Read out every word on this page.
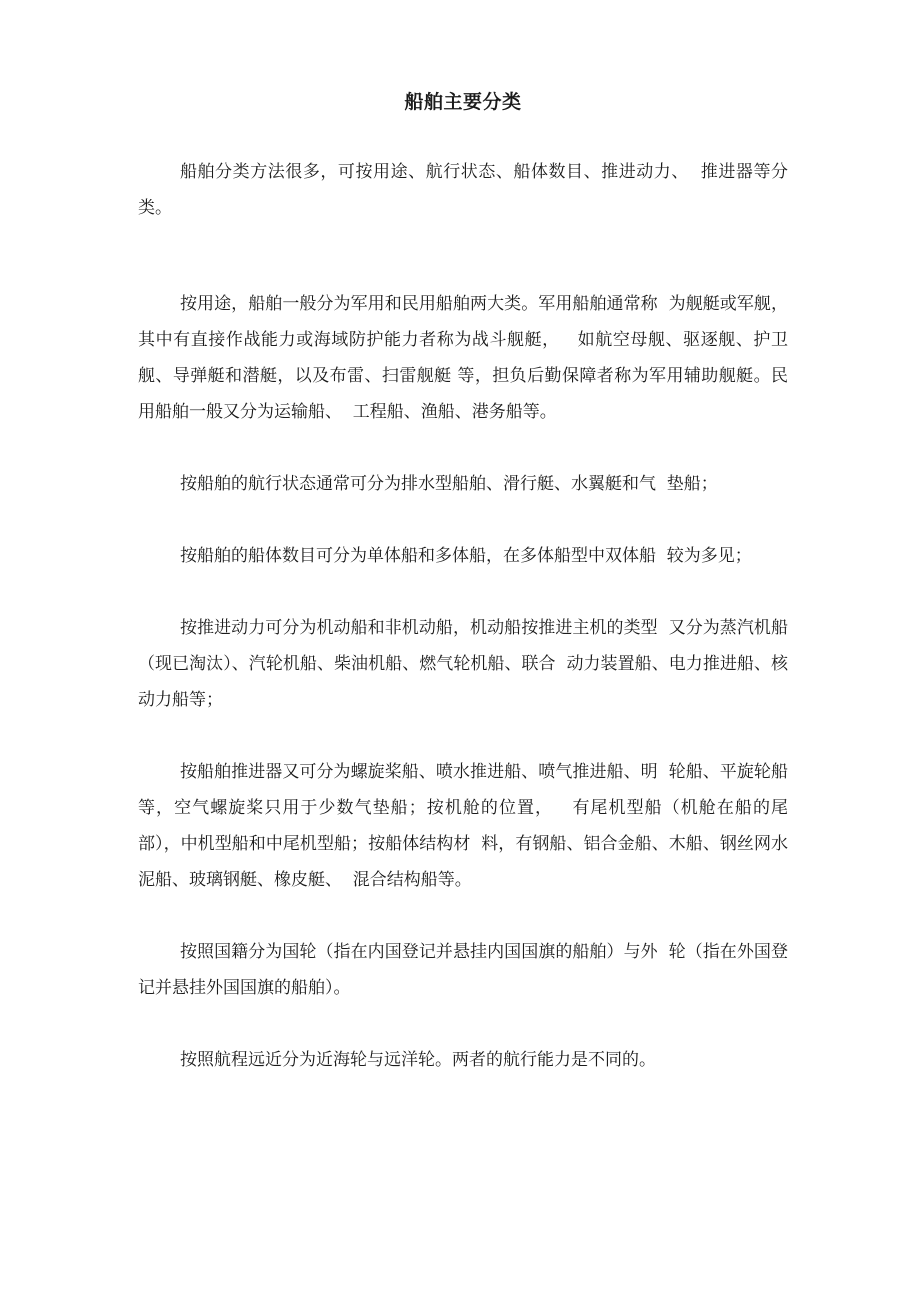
船舶主要分类

船舶分类方法很多，可按用途、航行状态、船体数目、推进动力、  推进器等分类。

按用途，船舶一般分为军用和民用船舶两大类。军用船舶通常称  为舰艇或军舰，其中有直接作战能力或海域防护能力者称为战斗舰艇，   如航空母舰、驱逐舰、护卫舰、导弹艇和潜艇，以及布雷、扫雷舰艇 等，担负后勤保障者称为军用辅助舰艇。民用船舶一般又分为运输船、  工程船、渔船、港务船等。

按船舶的航行状态通常可分为排水型船舶、滑行艇、水翼艇和气  垫船；

按船舶的船体数目可分为单体船和多体船，在多体船型中双体船  较为多见；

按推进动力可分为机动船和非机动船，机动船按推进主机的类型  又分为蒸汽机船（现已淘汰）、汽轮机船、柴油机船、燃气轮机船、联合  动力装置船、电力推进船、核动力船等；

按船舶推进器又可分为螺旋桨船、喷水推进船、喷气推进船、明  轮船、平旋轮船等，空气螺旋桨只用于少数气垫船；按机舱的位置，   有尾机型船（机舱在船的尾部），中机型船和中尾机型船；按船体结构材  料，有钢船、铝合金船、木船、钢丝网水泥船、玻璃钢艇、橡皮艇、  混合结构船等。

按照国籍分为国轮（指在内国登记并悬挂内国国旗的船舶）与外  轮（指在外国登记并悬挂外国国旗的船舶）。

按照航程远近分为近海轮与远洋轮。两者的航行能力是不同的。
